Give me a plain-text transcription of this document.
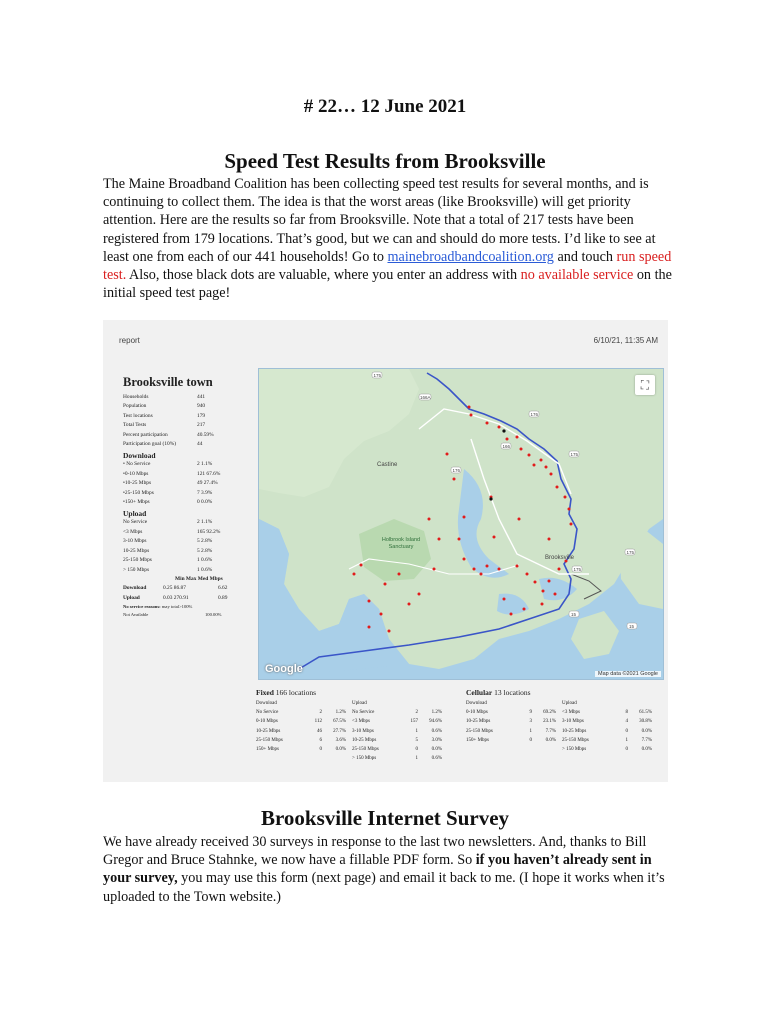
# 22… 12 June 2021
Speed Test Results from Brooksville

The Maine Broadband Coalition has been collecting speed test results for several months, and is continuing to collect them. The idea is that the worst areas (like Brooksville) will get priority attention. Here are the results so far from Brooksville. Note that a total of 217 tests have been registered from 179 locations. That’s good, but we can and should do more tests. I’d like to see at least one from each of our 441 households! Go to mainebroadbandcoalition.org and touch run speed test. Also, those black dots are valuable, where you enter an address with no available service on the initial speed test page!

report	6/10/21, 11:35 AM
Brooksville town
Households	441
Population	940
Test locations	179
Total Tests	217
Percent participation	40.59%
Participation goal (10%)	44
Download
• No Service	2 1.1%
•0-10 Mbps	121 67.6%
•10-25 Mbps	49 27.4%
•25-150 Mbps	7 3.9%
•150+ Mbps	0 0.0%
Upload
No Service	2 1.1%
<3 Mbps	165 92.2%
3-10 Mbps	5 2.8%
10-25 Mbps	5 2.8%
25-150 Mbps	1 0.6%
> 150 Mbps	1 0.6%
Min Max Med Mbps
Download	0.25 86.87	6.62
Upload	0.03 270.91	0.89
No service reasons: may total>100%
Not Available	100.00%
175
166A
176
166
175
176
175
15
175
15
Castine
Brooksville
Holbrook Island Sanctuary
⛶
Google	Map data ©2021 Google
Fixed 166 locations
Download
No Service	2	1.2%
0-10 Mbps	112	67.5%
10-25 Mbps	46	27.7%
25-150 Mbps	6	3.6%
150+ Mbps	0	0.0%
Upload
No Service	2	1.2%
<3 Mbps	157	94.6%
3-10 Mbps	1	0.6%
10-25 Mbps	5	3.0%
25-150 Mbps	0	0.0%
> 150 Mbps	1	0.6%
Cellular 13 locations
Download
0-10 Mbps	9	69.2%
10-25 Mbps	3	23.1%
25-150 Mbps	1	7.7%
150+ Mbps	0	0.0%
Upload
<3 Mbps	8	61.5%
3-10 Mbps	4	30.8%
10-25 Mbps	0	0.0%
25-150 Mbps	1	7.7%
> 150 Mbps	0	0.0%
Brooksville Internet Survey

We have already received 30 surveys in response to the last two newsletters. And, thanks to Bill Gregor and Bruce Stahnke, we now have a fillable PDF form. So if you haven’t already sent in your survey, you may use this form (next page) and email it back to me. (I hope it works when it’s uploaded to the Town website.)
